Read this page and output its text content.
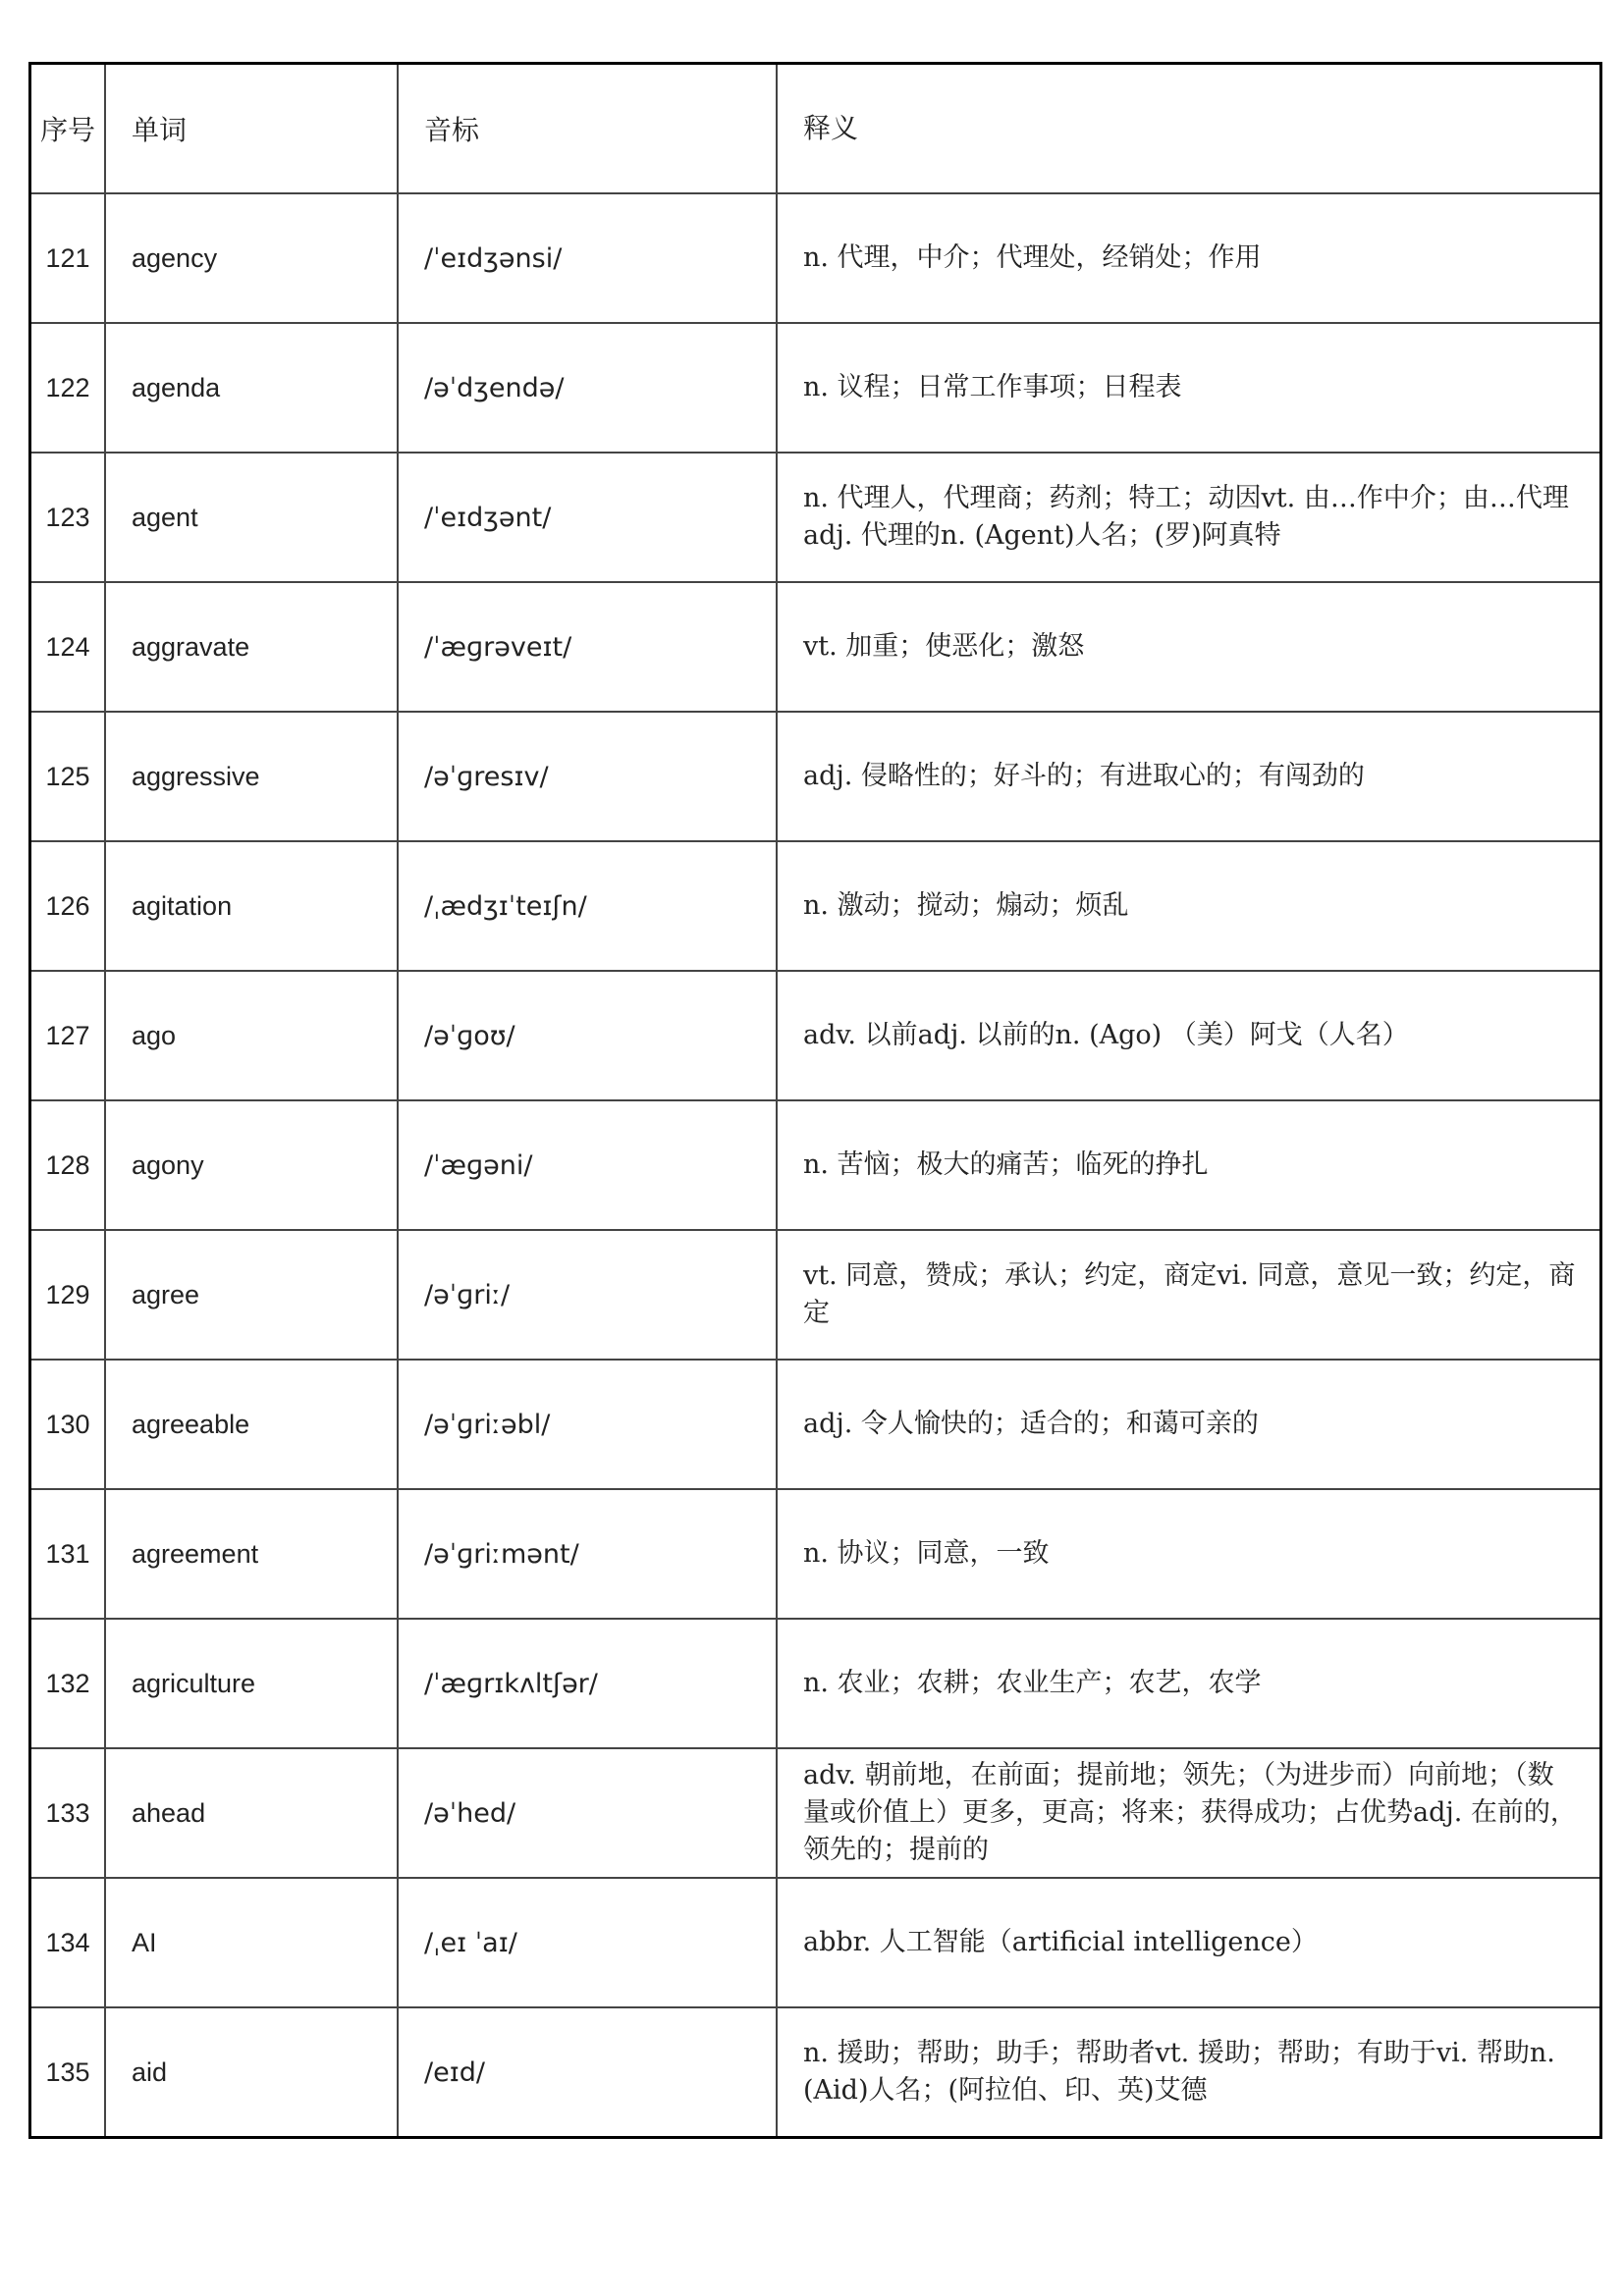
序号	单词	音标	释义
121	agency	/ˈeɪdʒənsi/	n. 代理，中介；代理处，经销处；作用
122	agenda	/əˈdʒendə/	n. 议程；日常工作事项；日程表
123	agent	/ˈeɪdʒənt/	n. 代理人，代理商；药剂；特工；动因vt. 由…作中介；由…代理adj. 代理的n. (Agent)人名；(罗)阿真特
124	aggravate	/ˈæɡrəveɪt/	vt. 加重；使恶化；激怒
125	aggressive	/əˈɡresɪv/	adj. 侵略性的；好斗的；有进取心的；有闯劲的
126	agitation	/ˌædʒɪˈteɪʃn/	n. 激动；搅动；煽动；烦乱
127	ago	/əˈɡoʊ/	adv. 以前adj. 以前的n. (Ago) （美）阿戈（人名）
128	agony	/ˈæɡəni/	n. 苦恼；极大的痛苦；临死的挣扎
129	agree	/əˈɡriː/	vt. 同意，赞成；承认；约定，商定vi. 同意，意见一致；约定，商定
130	agreeable	/əˈɡriːəbl/	adj. 令人愉快的；适合的；和蔼可亲的
131	agreement	/əˈɡriːmənt/	n. 协议；同意，一致
132	agriculture	/ˈæɡrɪkʌltʃər/	n. 农业；农耕；农业生产；农艺，农学
133	ahead	/əˈhed/	adv. 朝前地，在前面；提前地；领先；（为进步而）向前地；（数量或价值上）更多，更高；将来；获得成功；占优势adj. 在前的，领先的；提前的
134	AI	/ˌeɪ ˈaɪ/	abbr. 人工智能（artificial intelligence）
135	aid	/eɪd/	n. 援助；帮助；助手；帮助者vt. 援助；帮助；有助于vi. 帮助n. (Aid)人名；(阿拉伯、印、英)艾德
